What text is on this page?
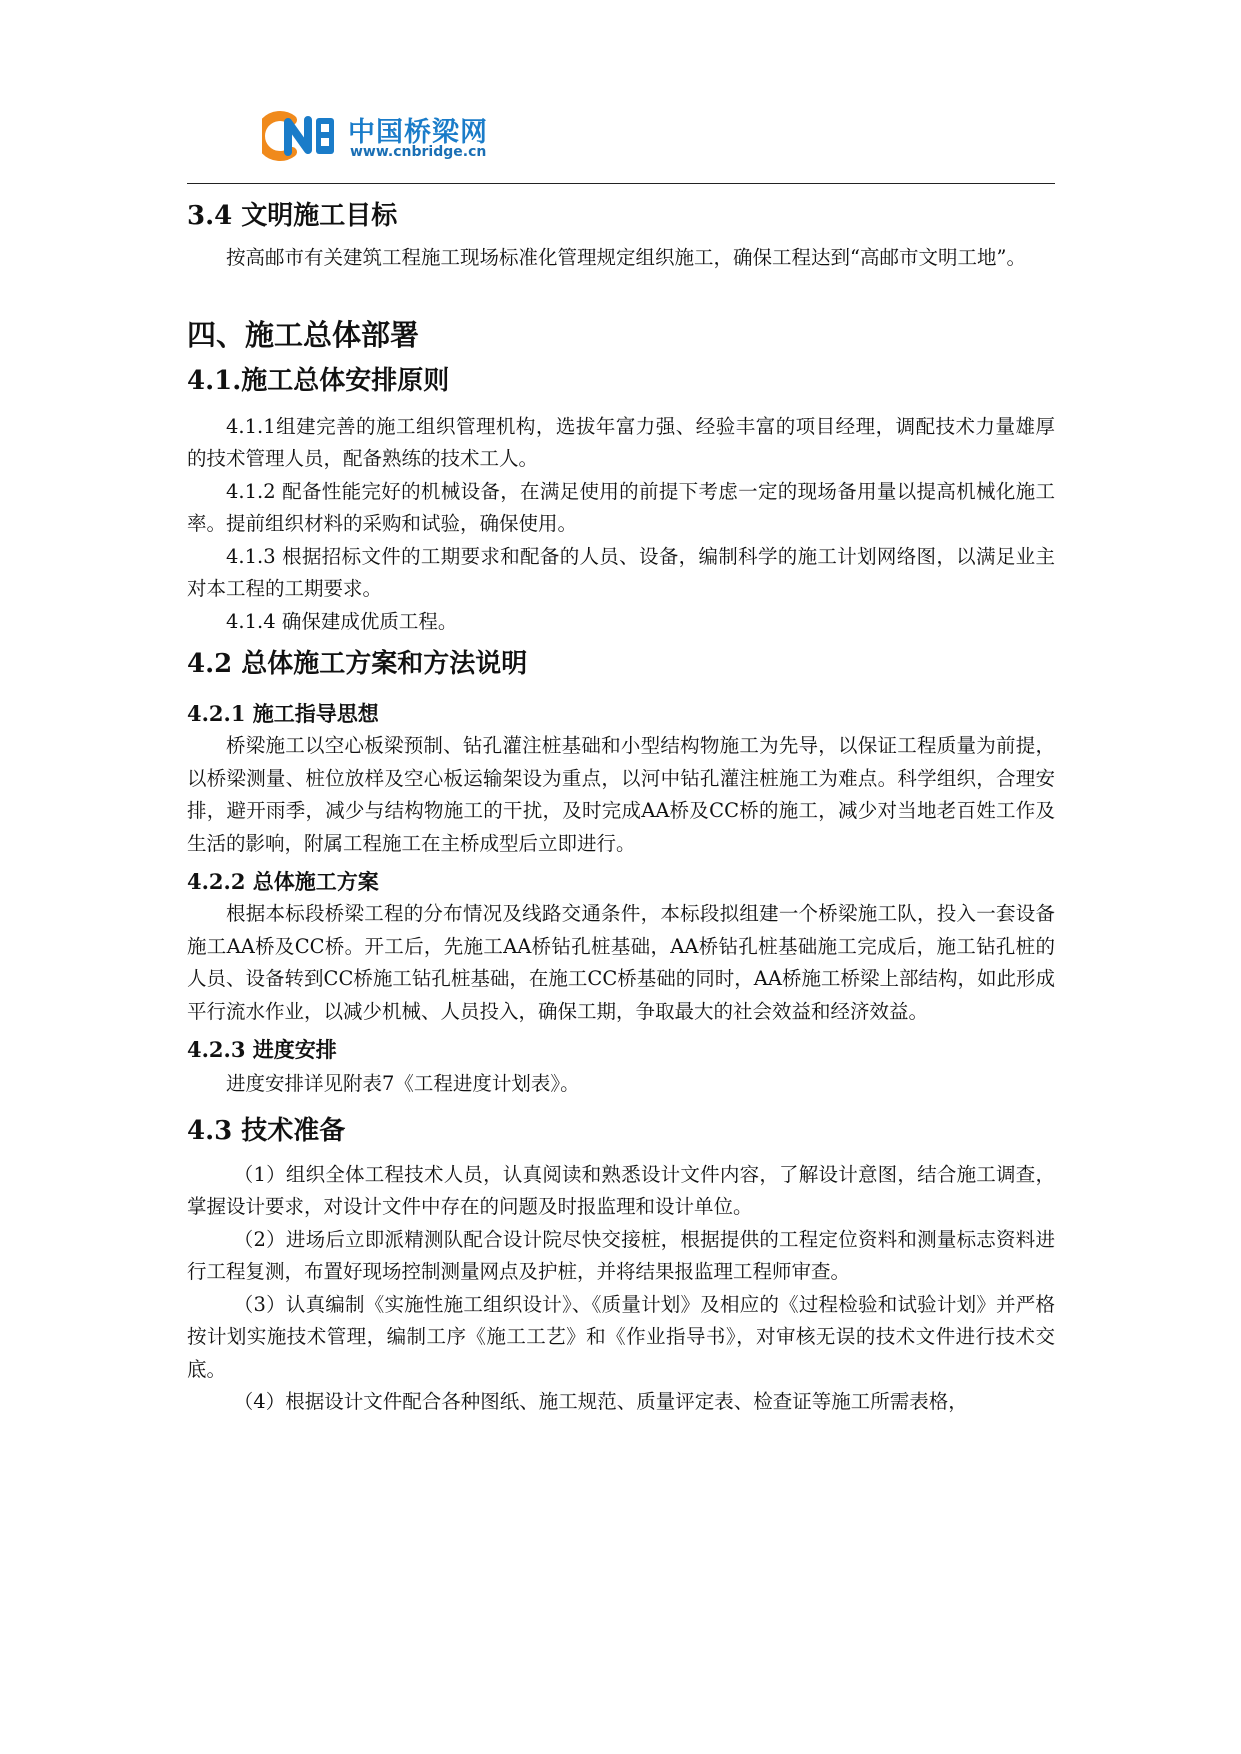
中国桥梁网
www.cnbridge.cn
3.4 文明施工目标

按高邮市有关建筑工程施工现场标准化管理规定组织施工，确保工程达到“高邮市文明工地”。

四、施工总体部署
4.1.施工总体安排原则

4.1.1组建完善的施工组织管理机构，选拔年富力强、经验丰富的项目经理，调配技术力量雄厚的技术管理人员，配备熟练的技术工人。

4.1.2 配备性能完好的机械设备，在满足使用的前提下考虑一定的现场备用量以提高机械化施工率。提前组织材料的采购和试验，确保使用。

4.1.3 根据招标文件的工期要求和配备的人员、设备，编制科学的施工计划网络图，以满足业主对本工程的工期要求。

4.1.4 确保建成优质工程。

4.2 总体施工方案和方法说明
4.2.1 施工指导思想

桥梁施工以空心板梁预制、钻孔灌注桩基础和小型结构物施工为先导，以保证工程质量为前提，以桥梁测量、桩位放样及空心板运输架设为重点，以河中钻孔灌注桩施工为难点。科学组织，合理安排，避开雨季，减少与结构物施工的干扰，及时完成AA桥及CC桥的施工，减少对当地老百姓工作及生活的影响，附属工程施工在主桥成型后立即进行。

4.2.2 总体施工方案

根据本标段桥梁工程的分布情况及线路交通条件，本标段拟组建一个桥梁施工队，投入一套设备施工AA桥及CC桥。开工后，先施工AA桥钻孔桩基础，AA桥钻孔桩基础施工完成后，施工钻孔桩的人员、设备转到CC桥施工钻孔桩基础，在施工CC桥基础的同时，AA桥施工桥梁上部结构，如此形成平行流水作业，以减少机械、人员投入，确保工期，争取最大的社会效益和经济效益。

4.2.3 进度安排

进度安排详见附表7《工程进度计划表》。

4.3 技术准备

（1）组织全体工程技术人员，认真阅读和熟悉设计文件内容，了解设计意图，结合施工调查，掌握设计要求，对设计文件中存在的问题及时报监理和设计单位。

（2）进场后立即派精测队配合设计院尽快交接桩，根据提供的工程定位资料和测量标志资料进行工程复测，布置好现场控制测量网点及护桩，并将结果报监理工程师审查。

（3）认真编制《实施性施工组织设计》、《质量计划》及相应的《过程检验和试验计划》并严格按计划实施技术管理，编制工序《施工工艺》和《作业指导书》，对审核无误的技术文件进行技术交底。

（4）根据设计文件配合各种图纸、施工规范、质量评定表、检查证等施工所需表格，
